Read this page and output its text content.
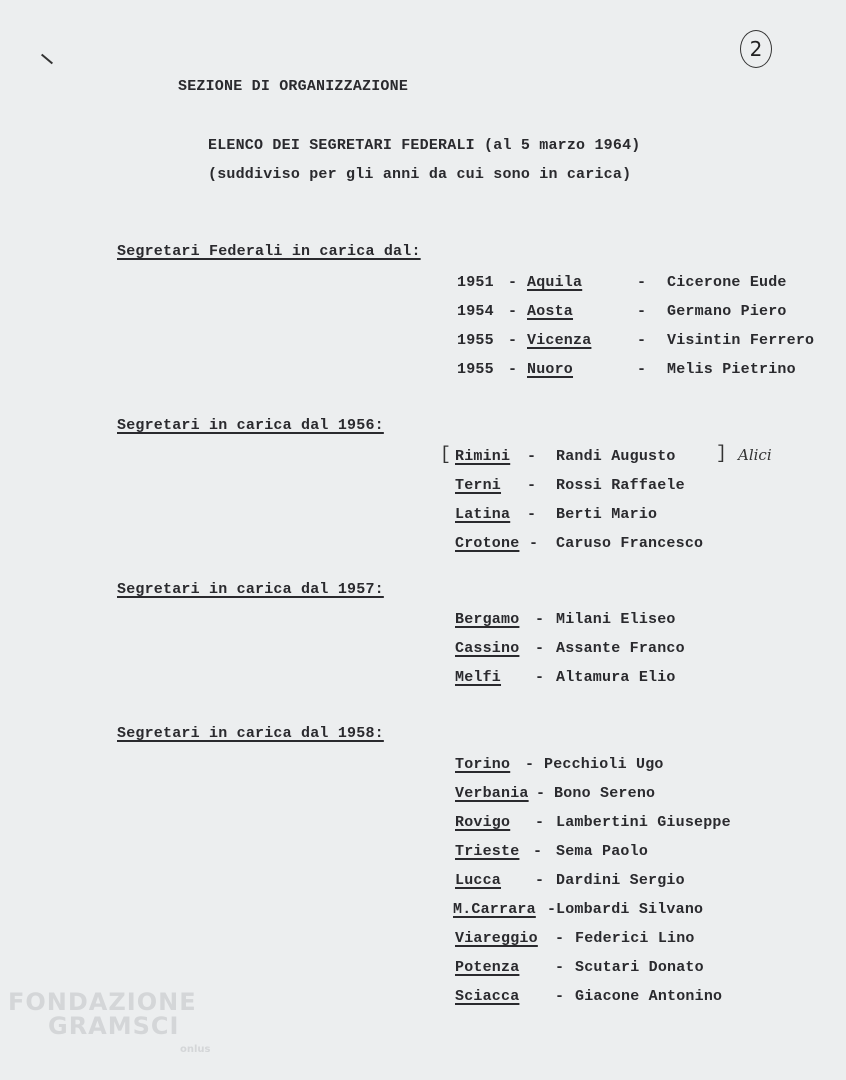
2
SEZIONE DI ORGANIZZAZIONE
ELENCO DEI SEGRETARI FEDERALI (al 5 marzo 1964)
(suddiviso per gli anni da cui sono in carica)
Segretari Federali in carica dal:
1951 - Aquila	- Cicerone Eude
1954 - Aosta	- Germano Piero
1955 - Vicenza	- Visintin Ferrero
1955 - Nuoro	- Melis Pietrino
Segretari in carica dal 1956:
[ Rimini - Randi Augusto ] Alici
Terni - Rossi Raffaele
Latina - Berti Mario
Crotone - Caruso Francesco
Segretari in carica dal 1957:
Bergamo - Milani Eliseo
Cassino - Assante Franco
Melfi - Altamura Elio
Segretari in carica dal 1958:
Torino - Pecchioli Ugo
Verbania - Bono Sereno
Rovigo - Lambertini Giuseppe
Trieste - Sema Paolo
Lucca - Dardini Sergio
M.Carrara - Lombardi Silvano
Viareggio - Federici Lino
Potenza - Scutari Donato
Sciacca - Giacone Antonino
FONDAZIONE
GRAMSCI
onlus
